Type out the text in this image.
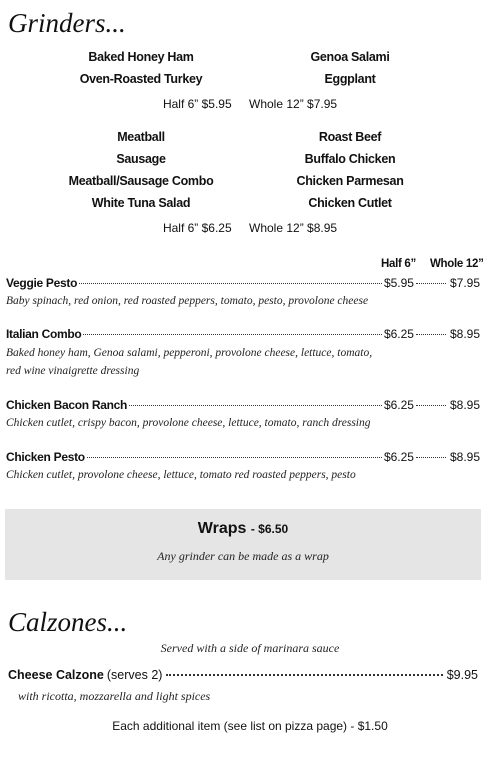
Grinders...
Baked Honey Ham
Oven-Roasted Turkey
Genoa Salami
Eggplant
Half 6” $5.95 Whole 12” $7.95
Meatball
Sausage
Meatball/Sausage Combo
White Tuna Salad
Roast Beef
Buffalo Chicken
Chicken Parmesan
Chicken Cutlet
Half 6” $6.25 Whole 12” $8.95
Half 6” Whole 12”
Veggie Pesto	$5.95	$7.95
Baby spinach, red onion, red roasted peppers, tomato, pesto, provolone cheese
Italian Combo	$6.25	$8.95
Baked honey ham, Genoa salami, pepperoni, provolone cheese, lettuce, tomato,
red wine vinaigrette dressing
Chicken Bacon Ranch	$6.25	$8.95
Chicken cutlet, crispy bacon, provolone cheese, lettuce, tomato, ranch dressing
Chicken Pesto	$6.25	$8.95
Chicken cutlet, provolone cheese, lettuce, tomato red roasted peppers, pesto
Wraps - $6.50
Any grinder can be made as a wrap
Calzones...
Served with a side of marinara sauce
Cheese Calzone (serves 2)	$9.95
with ricotta, mozzarella and light spices
Each additional item (see list on pizza page) - $1.50
